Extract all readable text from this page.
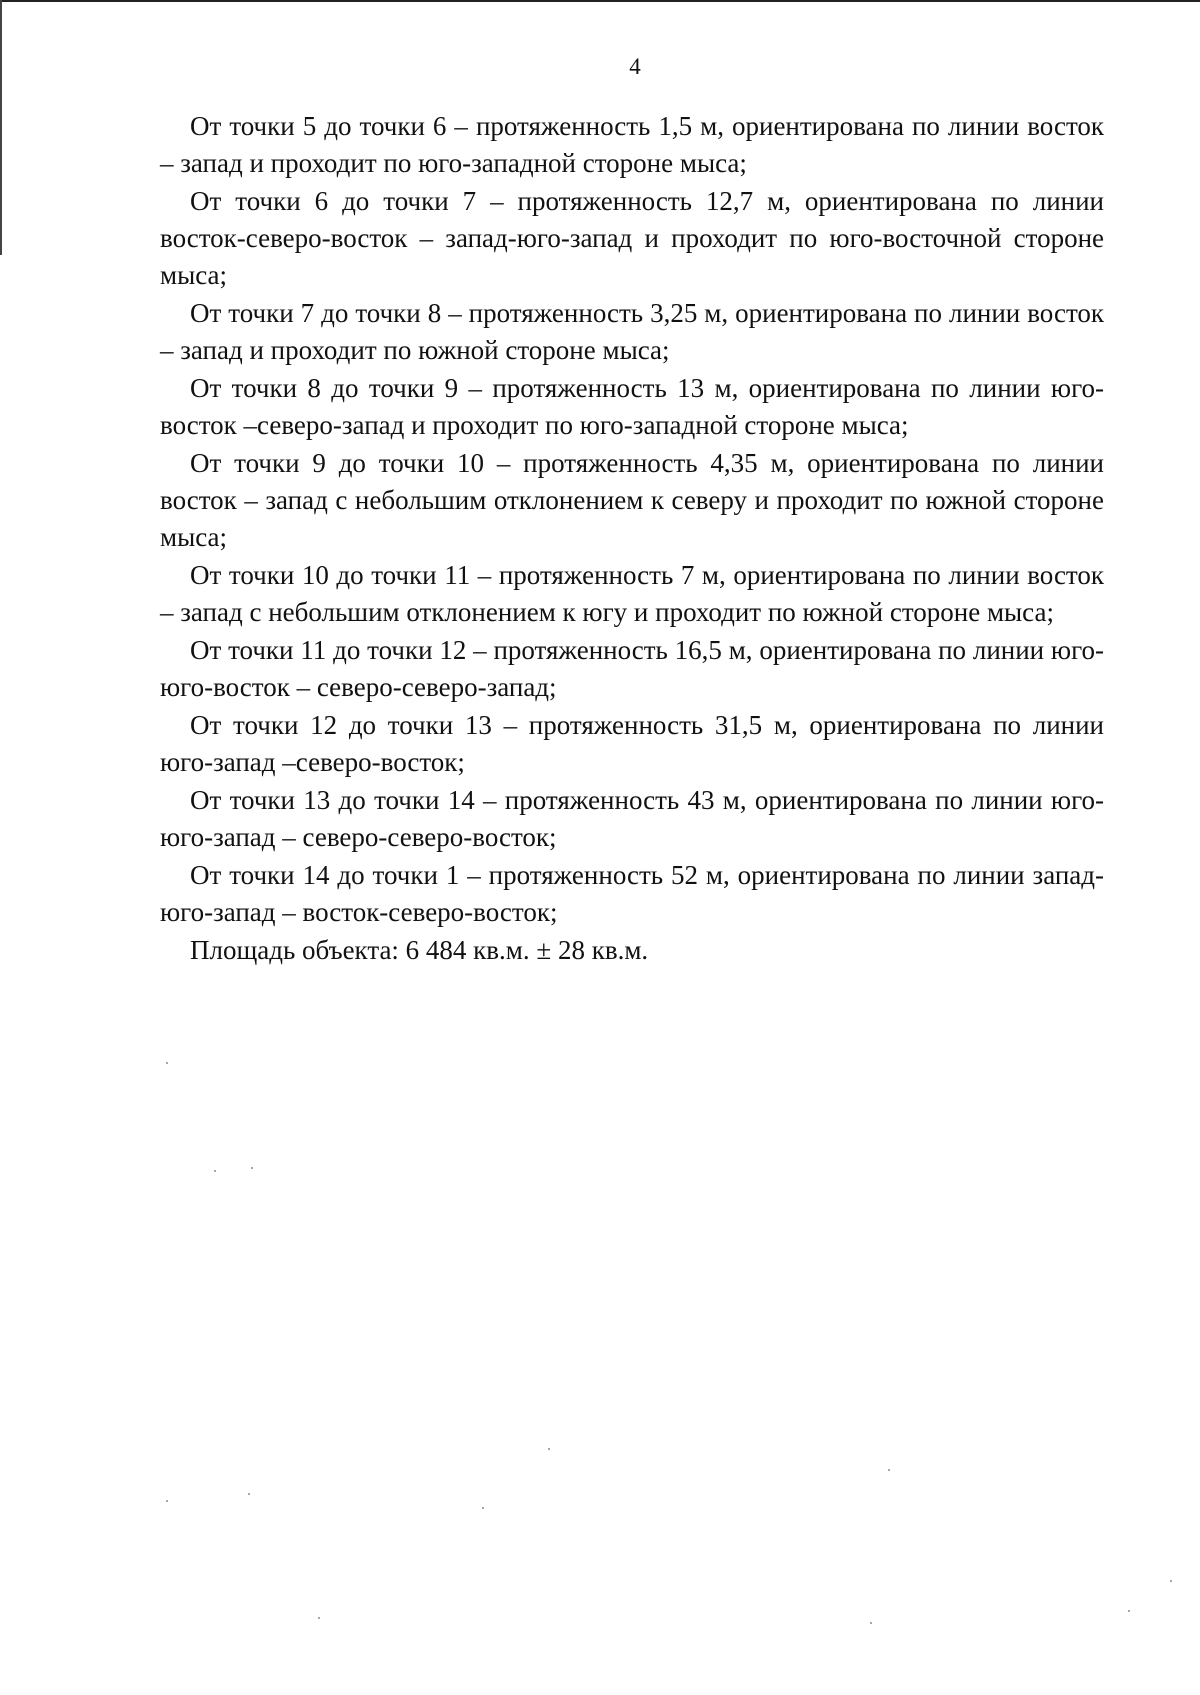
4

От точки 5 до точки 6 – протяженность 1,5 м, ориентирована по линии восток – запад и проходит по юго-западной стороне мыса;

От точки 6 до точки 7 – протяженность 12,7 м, ориентирована по линии восток-северо-восток – запад-юго-запад и проходит по юго-восточной стороне мыса;

От точки 7 до точки 8 – протяженность 3,25 м, ориентирована по линии восток – запад и проходит по южной стороне мыса;

От точки 8 до точки 9 – протяженность 13 м, ориентирована по линии юго-восток –северо-запад и проходит по юго-западной стороне мыса;

От точки 9 до точки 10 – протяженность 4,35 м, ориентирована по линии восток – запад с небольшим отклонением к северу и проходит по южной стороне мыса;

От точки 10 до точки 11 – протяженность 7 м, ориентирована по линии восток – запад с небольшим отклонением к югу и проходит по южной стороне мыса;

От точки 11 до точки 12 – протяженность 16,5 м, ориентирована по линии юго-юго-восток – северо-северо-запад;

От точки 12 до точки 13 – протяженность 31,5 м, ориентирована по линии юго-запад –северо-восток;

От точки 13 до точки 14 – протяженность 43 м, ориентирована по линии юго-юго-запад – северо-северо-восток;

От точки 14 до точки 1 – протяженность 52 м, ориентирована по линии запад-юго-запад – восток-северо-восток;

Площадь объекта: 6 484 кв.м. ± 28 кв.м.
